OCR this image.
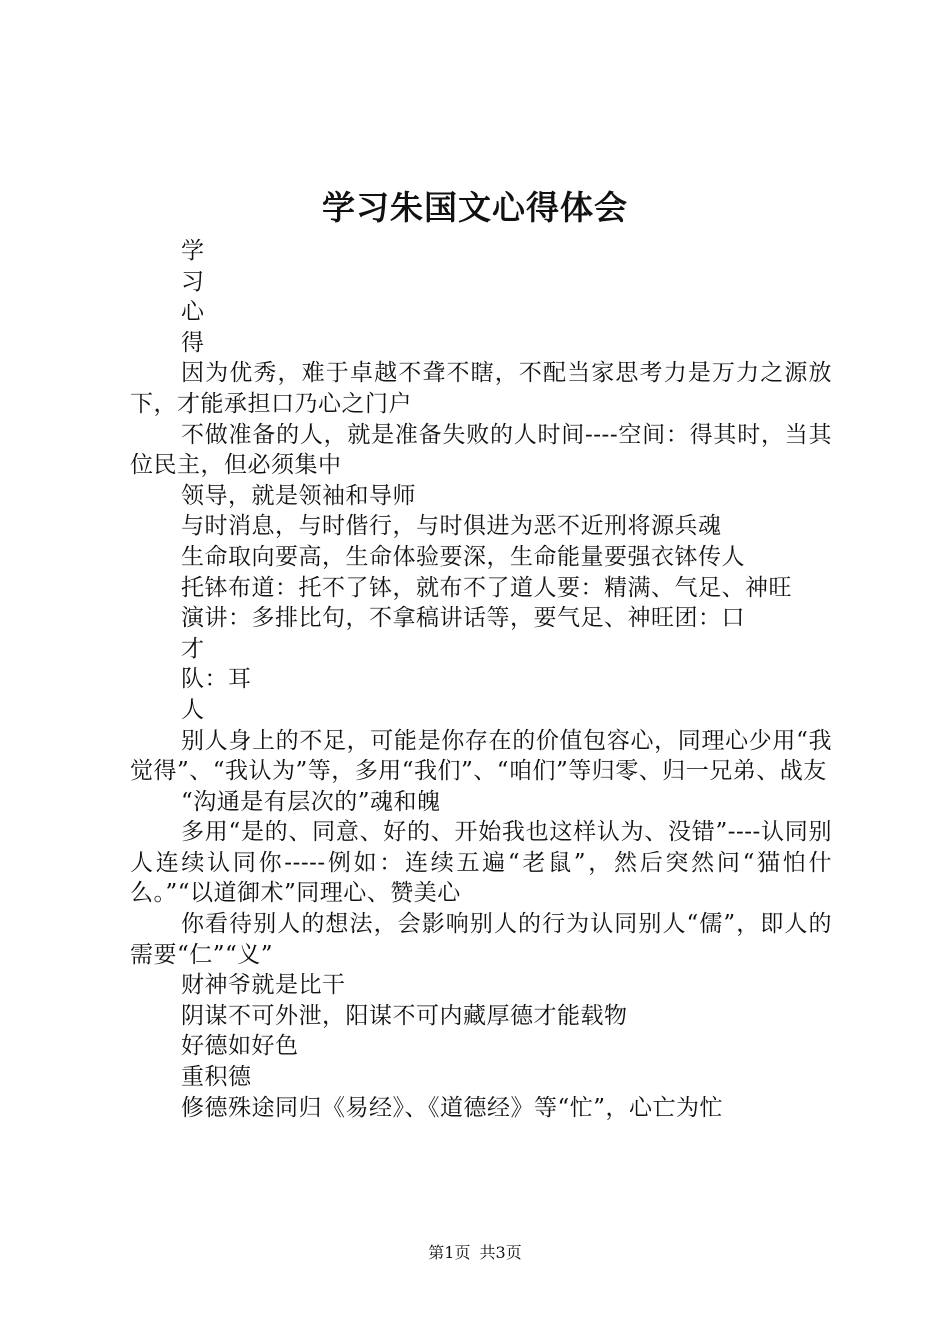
学习朱国文心得体会

学

习

心

得

因为优秀，难于卓越不聋不瞎，不配当家思考力是万力之源放下，才能承担口乃心之门户

不做准备的人，就是准备失败的人时间----空间：得其时，当其位民主，但必须集中

领导，就是领袖和导师

与时消息，与时偕行，与时俱进为恶不近刑将源兵魂

生命取向要高，生命体验要深，生命能量要强衣钵传人

托钵布道：托不了钵，就布不了道人要：精满、气足、神旺

演讲：多排比句，不拿稿讲话等，要气足、神旺团：口

才

队：耳

人

别人身上的不足，可能是你存在的价值包容心，同理心少用“我觉得”、“我认为”等，多用“我们”、“咱们”等归零、归一兄弟、战友

“沟通是有层次的”魂和魄

多用“是的、同意、好的、开始我也这样认为、没错”----认同别人连续认同你-----例如：连续五遍“老鼠”，然后突然问“猫怕什么。”“以道御术”同理心、赞美心

你看待别人的想法，会影响别人的行为认同别人“儒”，即人的需要“仁”“义”

财神爷就是比干

阴谋不可外泄，阳谋不可内藏厚德才能载物

好德如好色

重积德

修德殊途同归《易经》、《道德经》等“忙”，心亡为忙

第1页 共3页
